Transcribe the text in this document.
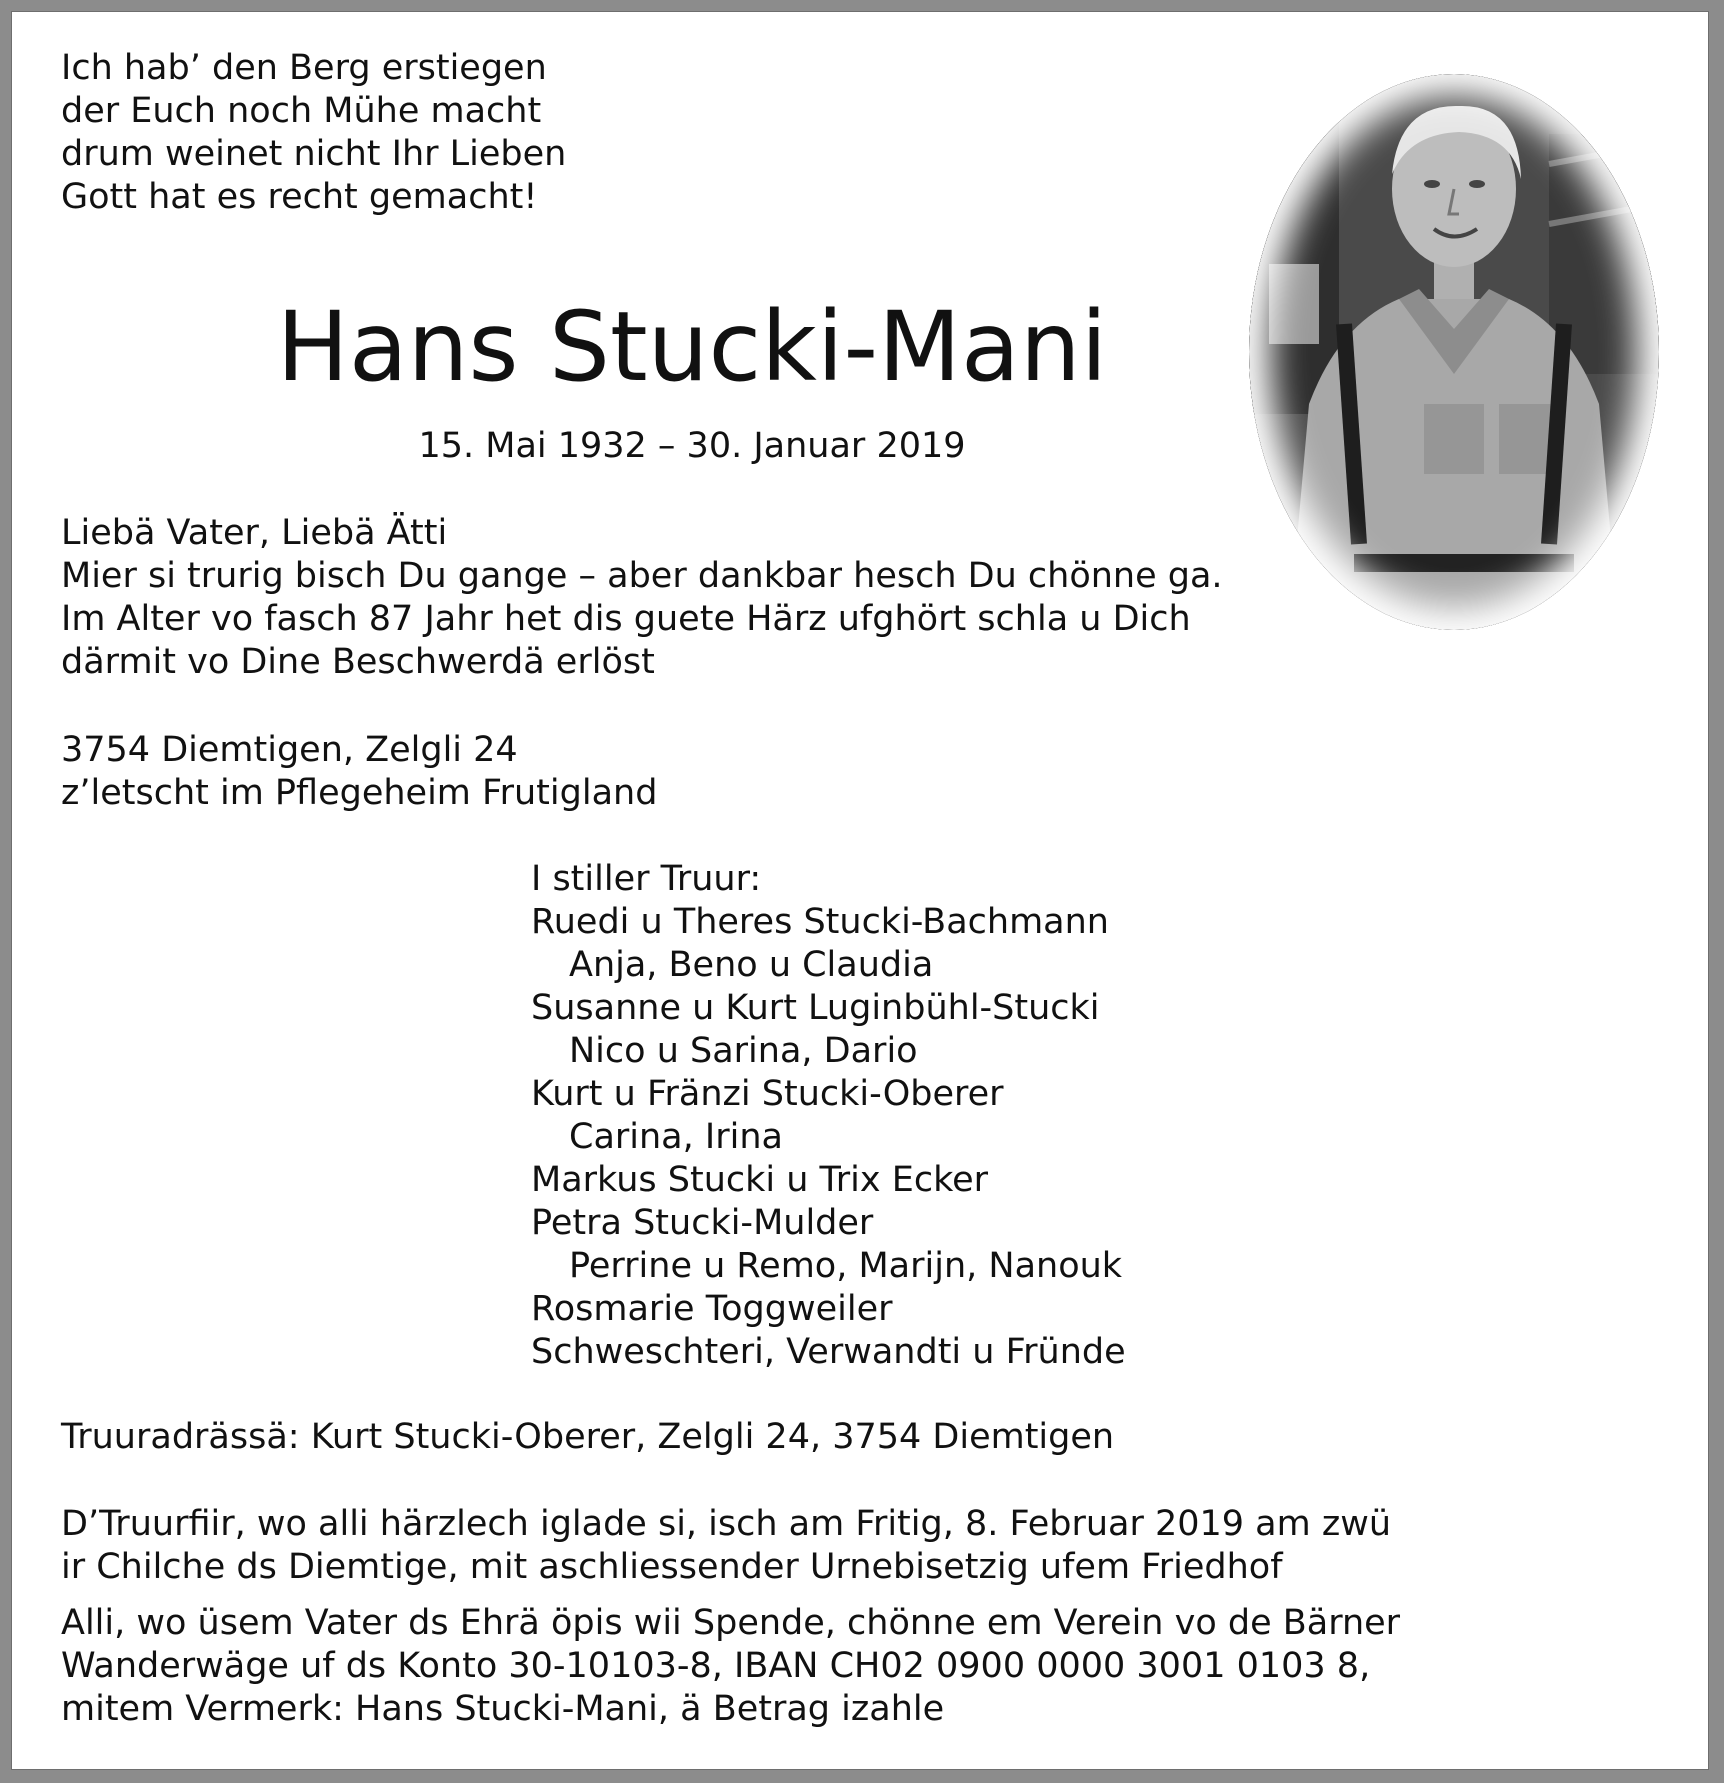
Ich hab’ den Berg erstiegen
der Euch noch Mühe macht
drum weinet nicht Ihr Lieben
Gott hat es recht gemacht!
Hans Stucki-Mani
15. Mai 1932 – 30. Januar 2019
Liebä Vater, Liebä Ätti
Mier si trurig bisch Du gange – aber dankbar hesch Du chönne ga.
Im Alter vo fasch 87 Jahr het dis guete Härz ufghört schla u Dich
därmit vo Dine Beschwerdä erlöst
3754 Diemtigen, Zelgli 24
z’letscht im Pflegeheim Frutigland
I stiller Truur:
Ruedi u Theres Stucki-Bachmann
Anja, Beno u Claudia
Susanne u Kurt Luginbühl-Stucki
Nico u Sarina, Dario
Kurt u Fränzi Stucki-Oberer
Carina, Irina
Markus Stucki u Trix Ecker
Petra Stucki-Mulder
Perrine u Remo, Marijn, Nanouk
Rosmarie Toggweiler
Schweschteri, Verwandti u Fründe
Truuradrässä: Kurt Stucki-Oberer, Zelgli 24, 3754 Diemtigen
D’Truurfiir, wo alli härzlech iglade si, isch am Fritig, 8. Februar 2019 am zwü
ir Chilche ds Diemtige, mit aschliessender Urnebisetzig ufem Friedhof
Alli, wo üsem Vater ds Ehrä öpis wii Spende, chönne em Verein vo de Bärner
Wanderwäge uf ds Konto 30-10103-8, IBAN CH02 0900 0000 3001 0103 8,
mitem Vermerk: Hans Stucki-Mani, ä Betrag izahle
